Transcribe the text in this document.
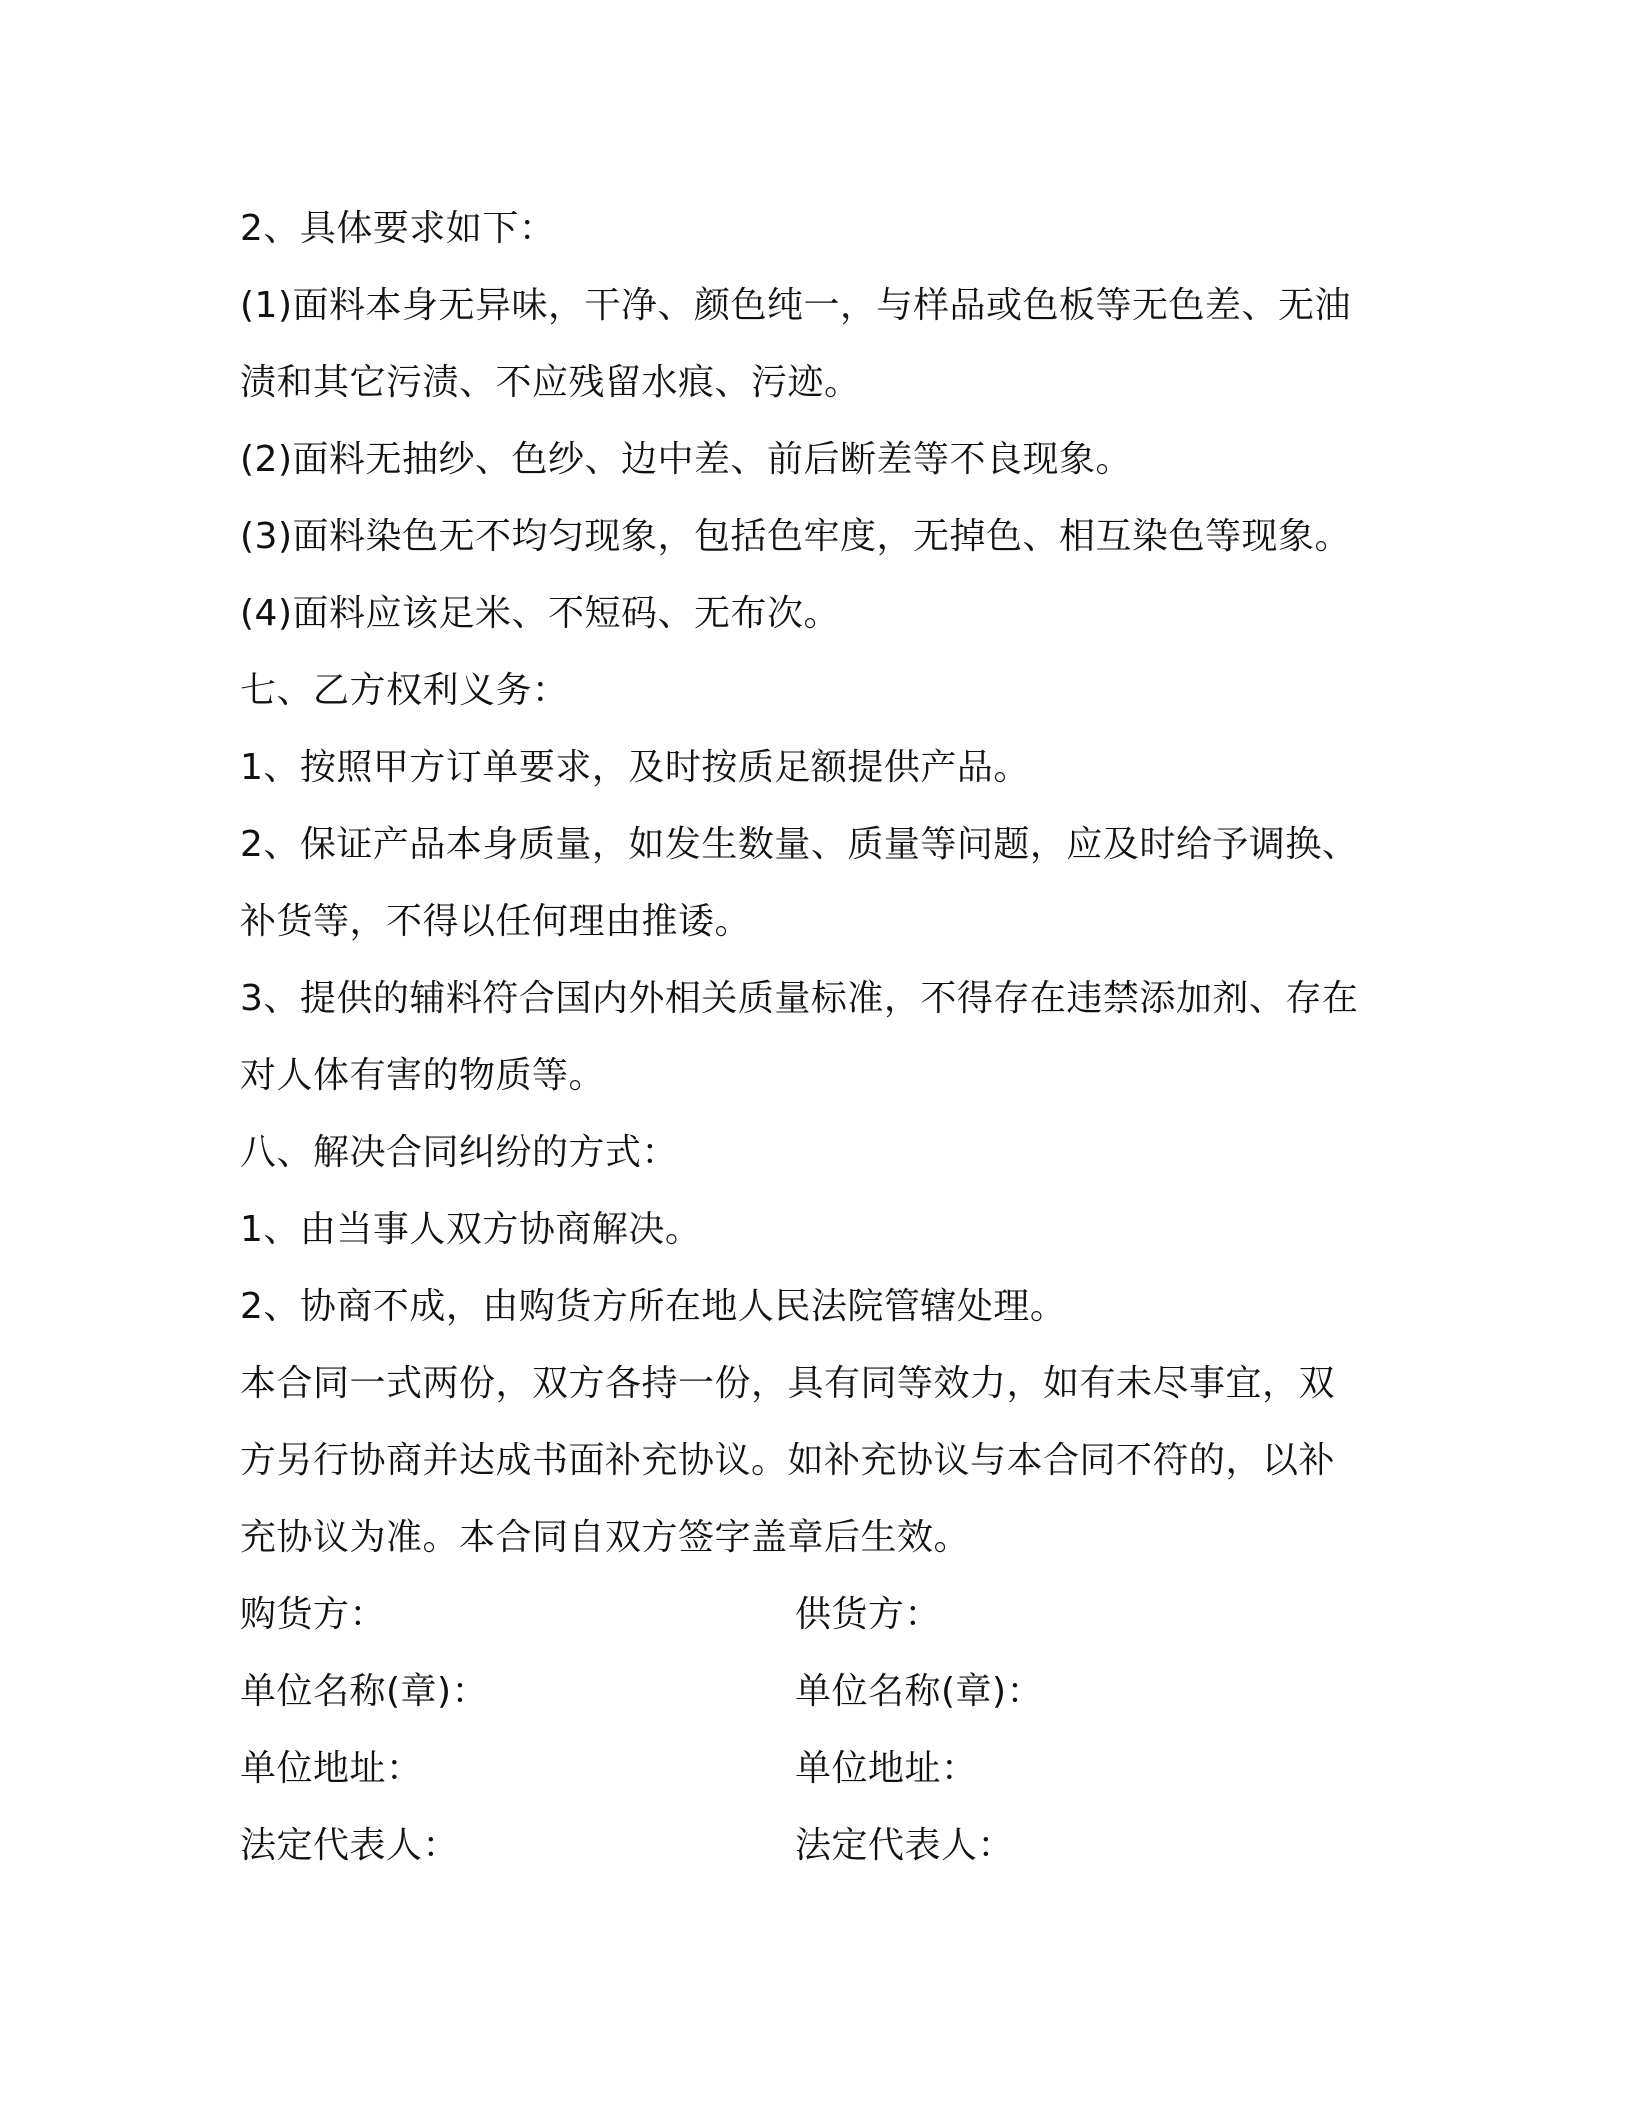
2、具体要求如下：
(1)面料本身无异味，干净、颜色纯一，与样品或色板等无色差、无油
渍和其它污渍、不应残留水痕、污迹。
(2)面料无抽纱、色纱、边中差、前后断差等不良现象。
(3)面料染色无不均匀现象，包括色牢度，无掉色、相互染色等现象。
(4)面料应该足米、不短码、无布次。
七、乙方权利义务：
1、按照甲方订单要求，及时按质足额提供产品。
2、保证产品本身质量，如发生数量、质量等问题，应及时给予调换、
补货等，不得以任何理由推诿。
3、提供的辅料符合国内外相关质量标准，不得存在违禁添加剂、存在
对人体有害的物质等。
八、解决合同纠纷的方式：
1、由当事人双方协商解决。
2、协商不成，由购货方所在地人民法院管辖处理。
本合同一式两份，双方各持一份，具有同等效力，如有未尽事宜，双
方另行协商并达成书面补充协议。如补充协议与本合同不符的，以补
充协议为准。本合同自双方签字盖章后生效。
购货方：	供货方：
单位名称(章)：	单位名称(章)：
单位地址：	单位地址：
法定代表人：	法定代表人：
